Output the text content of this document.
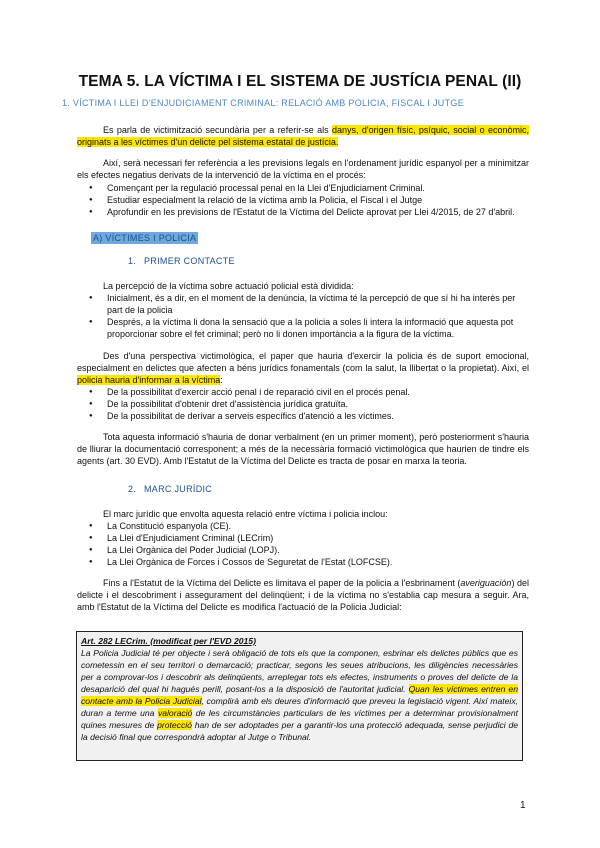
TEMA 5. LA VÍCTIMA I EL SISTEMA DE JUSTÍCIA PENAL (II)
1. VÍCTIMA I LLEI D'ENJUDICIAMENT CRIMINAL: RELACIÓ AMB POLICIA, FISCAL I JUTGE

Es parla de victimització secundària per a referir-se als danys, d'origen físic, psíquic, social o econòmic, originats a les víctimes d'un delicte pel sistema estatal de justícia.

Així, serà necessari fer referència a les previsions legals en l'ordenament jurídic espanyol per a minimitzar els efectes negatius derivats de la intervenció de la víctima en el procés:

● Començant per la regulació processal penal en la Llei d'Enjudiciament Criminal.
● Estudiar especialment la relació de la víctima amb la Policia, el Fiscal i el Jutge
● Aprofundir en les previsions de l'Estatut de la Víctima del Delicte aprovat per Llei 4/2015, de 27 d'abril.
A) VÍCTIMES I POLICIA
1. PRIMER CONTACTE

La percepció de la víctima sobre actuació policial està dividida:

● Inicialment, és a dir, en el moment de la denúncia, la víctima té la percepció de que sí hi ha interès per part de la policia
● Després, a la víctima li dona la sensació que a la policia a soles li intera la informació que aquesta pot proporcionar sobre el fet criminal; però no li donen importància a la figura de la víctima.

Des d'una perspectiva victimològica, el paper que hauria d'exercir la policia és de suport emocional, especialment en delictes que afecten a béns jurídics fonamentals (com la salut, la llibertat o la propietat). Així, el policia hauria d'informar a la víctima:

● De la possibilitat d'exercir acció penal i de reparació civil en el procés penal.
● De la possibilitat d'obtenir dret d'assistència jurídica gratuïta.
● De la possibilitat de derivar a serveis específics d'atenció a les víctimes.

Tota aquesta informació s'hauria de donar verbalment (en un primer moment), però posteriorment s'hauria de lliurar la documentació corresponent; a més de la necessària formació victimològica que haurien de tindre els agents (art. 30 EVD). Amb l'Estatut de la Víctima del Delicte es tracta de posar en marxa la teoria.

2. MARC JURÍDIC

El marc jurídic que envolta aquesta relació entre víctima i policia inclou:

● La Constitució espanyola (CE).
● La Llei d'Enjudiciament Criminal (LECrim)
● La Llei Orgànica del Poder Judicial (LOPJ).
● La Llei Orgànica de Forces i Cossos de Seguretat de l'Estat (LOFCSE).

Fins a l'Estatut de la Víctima del Delicte es limitava el paper de la policia a l'esbrinament (averiguación) del delicte i el descobriment i assegurament del delinqüent; i de la víctima no s'establia cap mesura a seguir. Ara, amb l'Estatut de la Víctima del Delicte es modifica l'actuació de la Policia Judicial:

Art. 282 LECrim. (modificat per l'EVD 2015)
La Policia Judicial té per objecte i serà obligació de tots els que la componen, esbrinar els delictes públics que es cometessin en el seu territori o demarcació; practicar, segons les seues atribucions, les diligències necessàries per a comprovar-los i descobrir als delinqüents, arreplegar tots els efectes, instruments o proves del delicte de la desaparició del qual hi hagués perill, posant-los a la disposició de l'autoritat judicial. Quan les víctimes entren en contacte amb la Policia Judicial, complirà amb els deures d'informació que preveu la legislació vigent. Així mateix, duran a terme una valoració de les circumstàncies particulars de les víctimes per a determinar provisionalment quines mesures de protecció han de ser adoptades per a garantir-los una protecció adequada, sense perjudici de la decisió final que correspondrà adoptar al Jutge o Tribunal.
1
